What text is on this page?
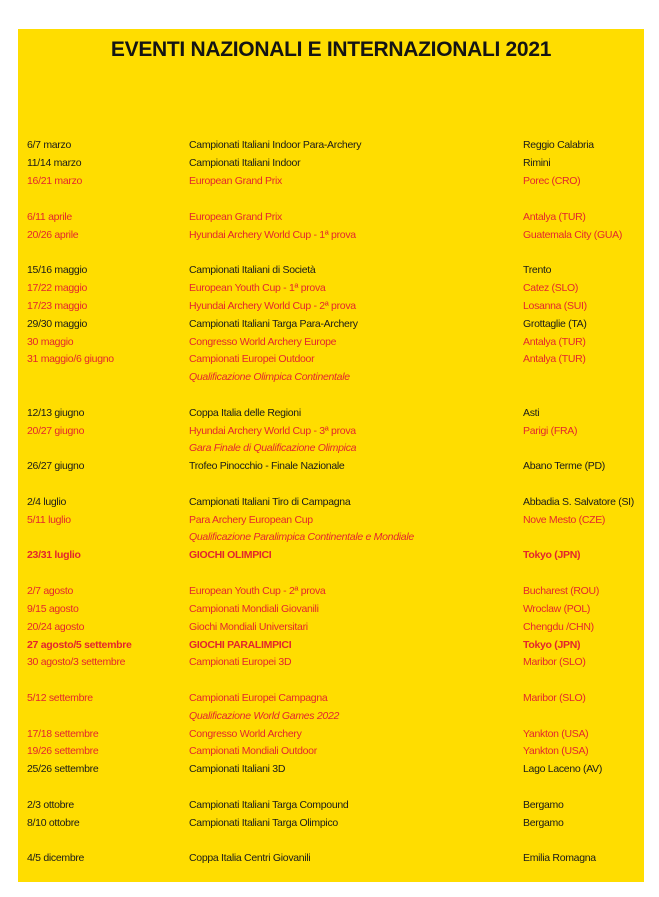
EVENTI NAZIONALI E INTERNAZIONALI 2021
6/7 marzo	Campionati Italiani Indoor Para-Archery	Reggio Calabria
11/14 marzo	Campionati Italiani Indoor	Rimini
16/21 marzo	European Grand Prix	Porec (CRO)
6/11 aprile	European Grand Prix	Antalya (TUR)
20/26 aprile	Hyundai Archery World Cup - 1ª prova	Guatemala City (GUA)
15/16 maggio	Campionati Italiani di Società	Trento
17/22 maggio	European Youth Cup - 1ª prova	Catez (SLO)
17/23 maggio	Hyundai Archery World Cup - 2ª prova	Losanna (SUI)
29/30 maggio	Campionati Italiani Targa Para-Archery	Grottaglie (TA)
30 maggio	Congresso World Archery Europe	Antalya (TUR)
31 maggio/6 giugno	Campionati Europei Outdoor	Antalya (TUR)
Qualificazione Olimpica Continentale
12/13 giugno	Coppa Italia delle Regioni	Asti
20/27 giugno	Hyundai Archery World Cup - 3ª prova	Parigi (FRA)
Gara Finale di Qualificazione Olimpica
26/27 giugno	Trofeo Pinocchio - Finale Nazionale	Abano Terme (PD)
2/4 luglio	Campionati Italiani Tiro di Campagna	Abbadia S. Salvatore (SI)
5/11 luglio	Para Archery European Cup	Nove Mesto (CZE)
Qualificazione Paralimpica Continentale e Mondiale
23/31 luglio	GIOCHI OLIMPICI	Tokyo (JPN)
2/7 agosto	European Youth Cup - 2ª prova	Bucharest (ROU)
9/15 agosto	Campionati Mondiali Giovanili	Wroclaw (POL)
20/24 agosto	Giochi Mondiali Universitari	Chengdu /CHN)
27 agosto/5 settembre	GIOCHI PARALIMPICI	Tokyo (JPN)
30 agosto/3 settembre	Campionati Europei 3D	Maribor (SLO)
5/12 settembre	Campionati Europei Campagna	Maribor (SLO)
Qualificazione World Games 2022
17/18 settembre	Congresso World Archery	Yankton (USA)
19/26 settembre	Campionati Mondiali Outdoor	Yankton (USA)
25/26 settembre	Campionati Italiani 3D	Lago Laceno (AV)
2/3 ottobre	Campionati Italiani Targa Compound	Bergamo
8/10 ottobre	Campionati Italiani Targa Olimpico	Bergamo
4/5 dicembre	Coppa Italia Centri Giovanili	Emilia Romagna
